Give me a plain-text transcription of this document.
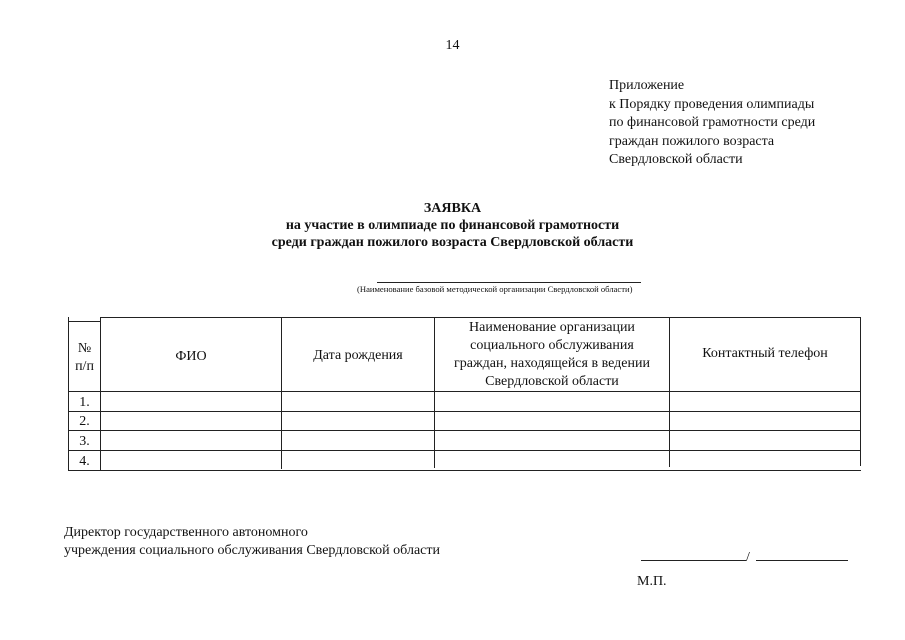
14
Приложение
к Порядку проведения олимпиады
по финансовой грамотности среди
граждан пожилого возраста
Свердловской области
ЗАЯВКА
на участие в олимпиаде по финансовой грамотности
среди граждан пожилого возраста Свердловской области
(Наименование базовой методической организации Свердловской области)
№
п/п
ФИО	Дата рождения
Наименование организации
социального обслуживания
граждан, находящейся в ведении
Свердловской области
Контактный телефон
1.
2.
3.
4.
Директор государственного автономного
учреждения социального обслуживания Свердловской области	/
М.П.
